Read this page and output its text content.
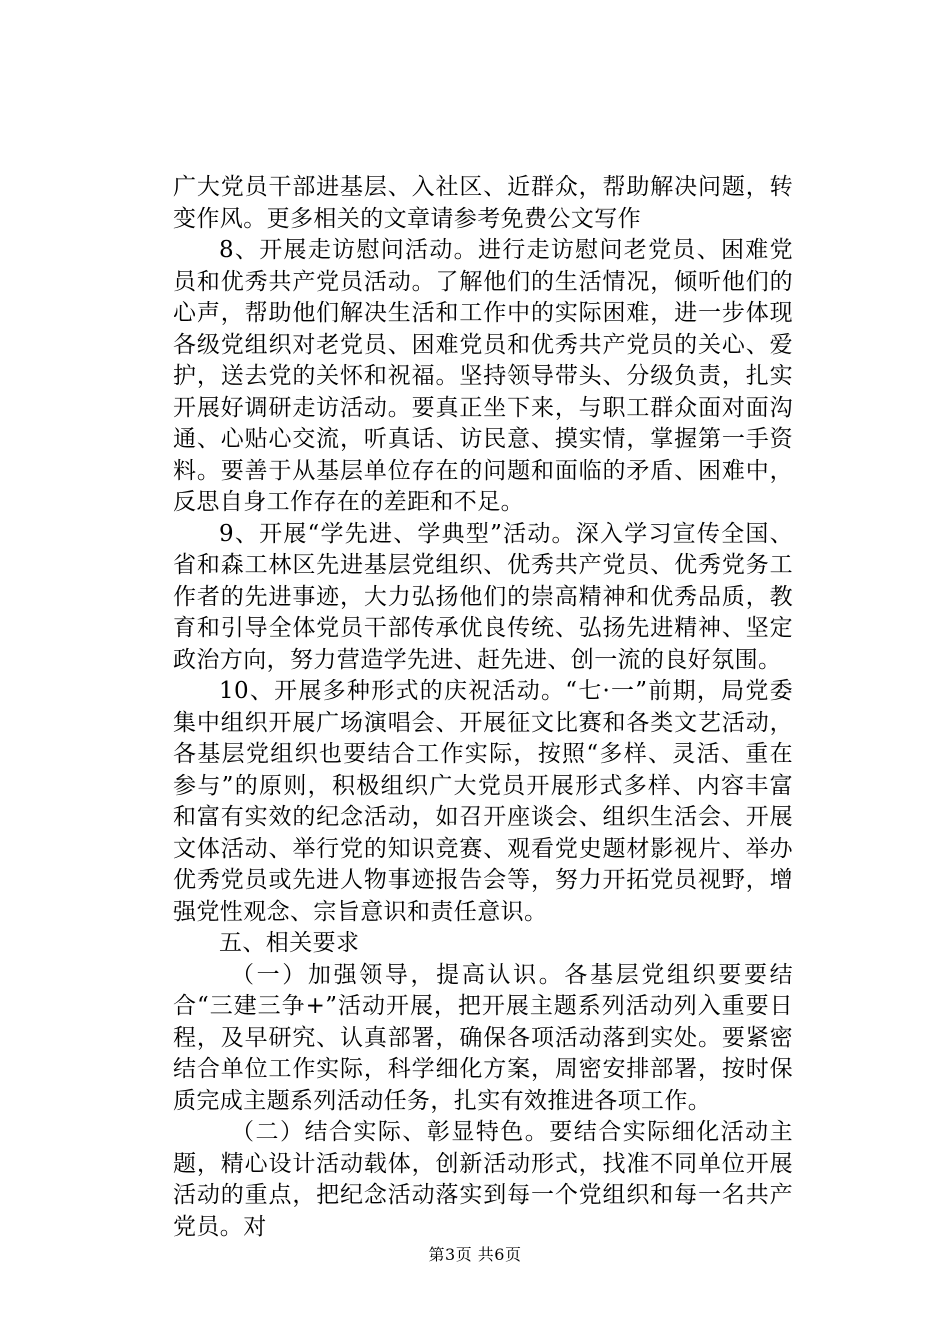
广大党员干部进基层、入社区、近群众，帮助解决问题，转变作风。更多相关的文章请参考免费公文写作

8、开展走访慰问活动。进行走访慰问老党员、困难党员和优秀共产党员活动。了解他们的生活情况，倾听他们的心声，帮助他们解决生活和工作中的实际困难，进一步体现各级党组织对老党员、困难党员和优秀共产党员的关心、爱护，送去党的关怀和祝福。坚持领导带头、分级负责，扎实开展好调研走访活动。要真正坐下来，与职工群众面对面沟通、心贴心交流，听真话、访民意、摸实情，掌握第一手资料。要善于从基层单位存在的问题和面临的矛盾、困难中，反思自身工作存在的差距和不足。

9、开展“学先进、学典型”活动。深入学习宣传全国、省和森工林区先进基层党组织、优秀共产党员、优秀党务工作者的先进事迹，大力弘扬他们的崇高精神和优秀品质，教育和引导全体党员干部传承优良传统、弘扬先进精神、坚定政治方向，努力营造学先进、赶先进、创一流的良好氛围。

10、开展多种形式的庆祝活动。“七·一”前期，局党委集中组织开展广场演唱会、开展征文比赛和各类文艺活动，各基层党组织也要结合工作实际，按照“多样、灵活、重在参与”的原则，积极组织广大党员开展形式多样、内容丰富和富有实效的纪念活动，如召开座谈会、组织生活会、开展文体活动、举行党的知识竞赛、观看党史题材影视片、举办优秀党员或先进人物事迹报告会等，努力开拓党员视野，增强党性观念、宗旨意识和责任意识。

五、相关要求

（一）加强领导，提高认识。各基层党组织要要结合“三建三争+”活动开展，把开展主题系列活动列入重要日程，及早研究、认真部署，确保各项活动落到实处。要紧密结合单位工作实际，科学细化方案，周密安排部署，按时保质完成主题系列活动任务，扎实有效推进各项工作。

（二）结合实际、彰显特色。要结合实际细化活动主题，精心设计活动载体，创新活动形式，找准不同单位开展活动的重点，把纪念活动落实到每一个党组织和每一名共产党员。对

第3页 共6页
